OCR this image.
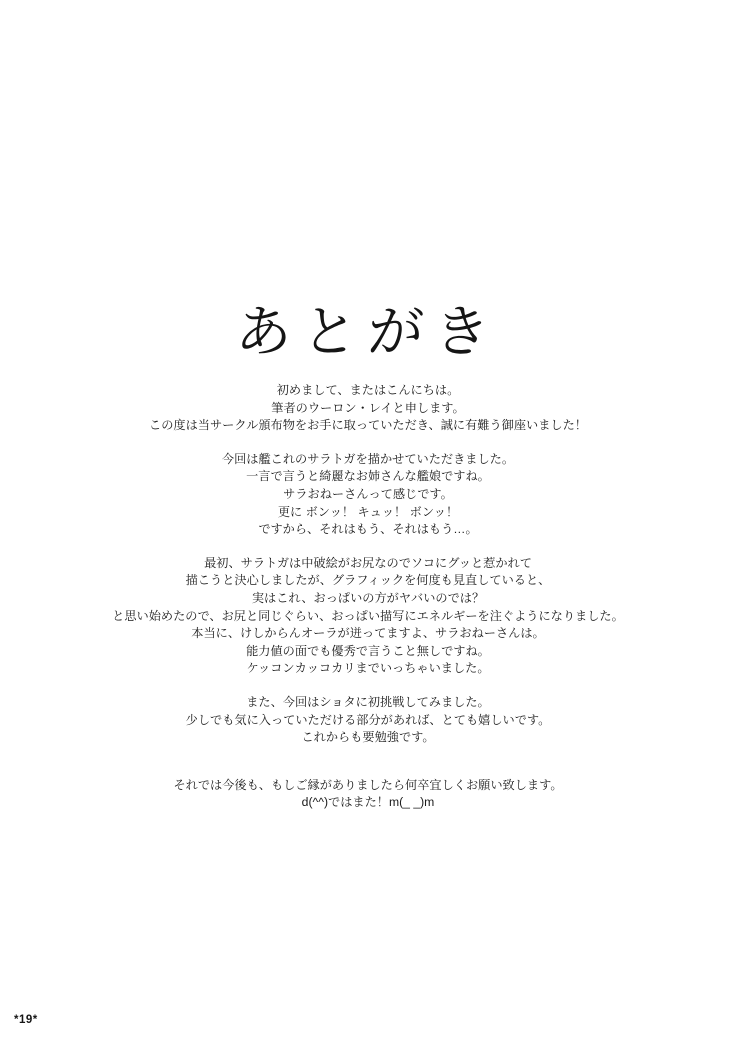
あとがき
初めまして、またはこんにちは。
筆者のウーロン・レイと申します。
この度は当サークル頒布物をお手に取っていただき、誠に有難う御座いました！
今回は艦これのサラトガを描かせていただきました。
一言で言うと綺麗なお姉さんな艦娘ですね。
サラおねーさんって感じです。
更に ボンッ！ キュッ！ ボンッ！
ですから、それはもう、それはもう…。
最初、サラトガは中破絵がお尻なのでソコにグッと惹かれて
描こうと決心しましたが、グラフィックを何度も見直していると、
実はこれ、おっぱいの方がヤバいのでは？
と思い始めたので、お尻と同じぐらい、おっぱい描写にエネルギーを注ぐようになりました。
本当に、けしからんオーラが迸ってますよ、サラおねーさんは。
能力値の面でも優秀で言うこと無しですね。
ケッコンカッコカリまでいっちゃいました。
また、今回はショタに初挑戦してみました。
少しでも気に入っていただける部分があれば、とても嬉しいです。
これからも要勉強です。
それでは今後も、もしご縁がありましたら何卒宜しくお願い致します。
d(^^)ではまた！m(_ _)m
*19*
